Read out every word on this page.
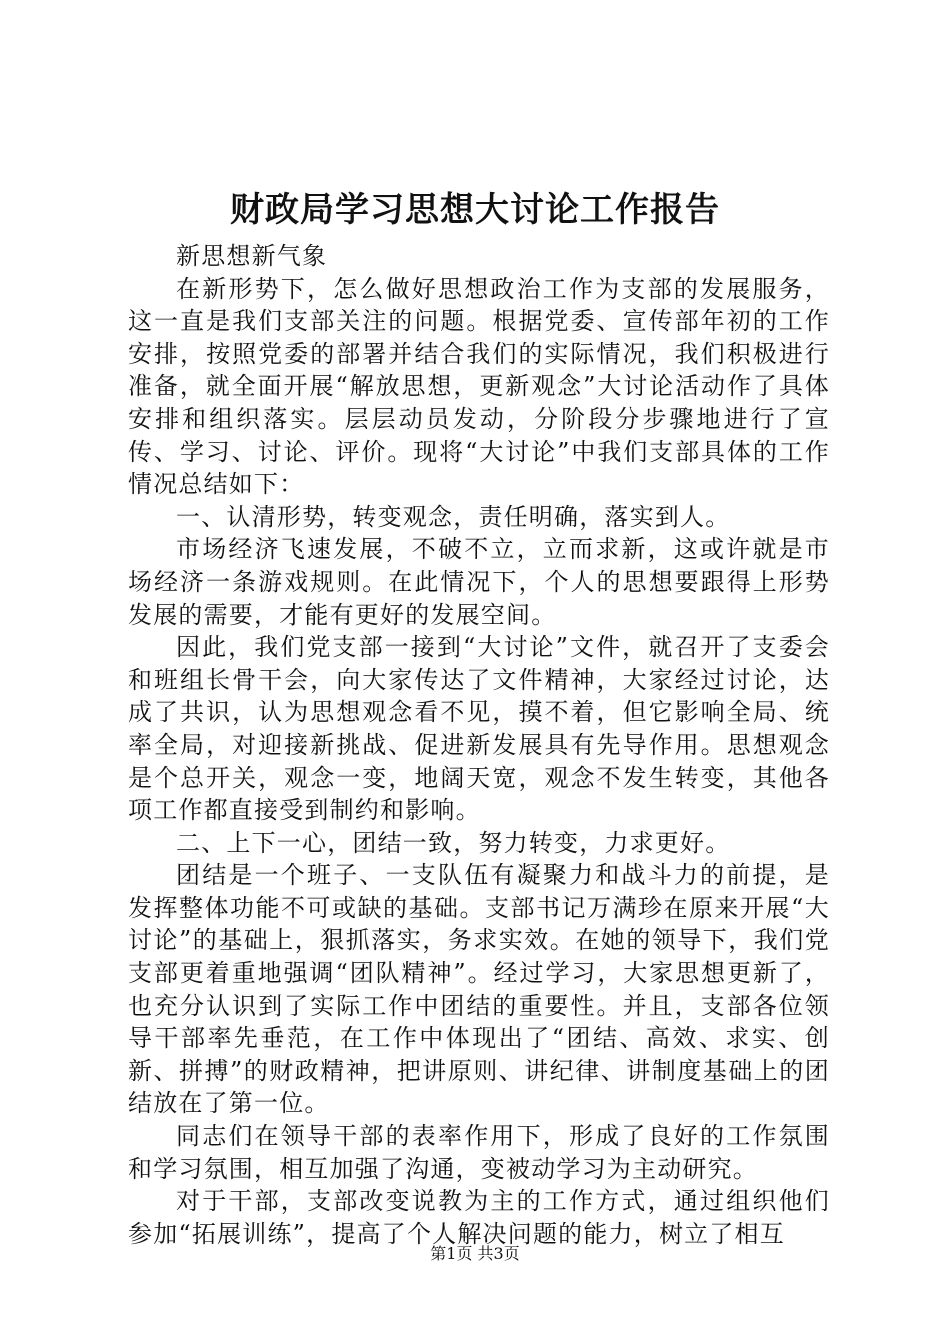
财政局学习思想大讨论工作报告

新思想新气象

在新形势下，怎么做好思想政治工作为支部的发展服务，这一直是我们支部关注的问题。根据党委、宣传部年初的工作安排，按照党委的部署并结合我们的实际情况，我们积极进行准备，就全面开展“解放思想，更新观念”大讨论活动作了具体安排和组织落实。层层动员发动，分阶段分步骤地进行了宣传、学习、讨论、评价。现将“大讨论”中我们支部具体的工作情况总结如下：

一、认清形势，转变观念，责任明确，落实到人。

市场经济飞速发展，不破不立，立而求新，这或许就是市场经济一条游戏规则。在此情况下，个人的思想要跟得上形势发展的需要，才能有更好的发展空间。

因此，我们党支部一接到“大讨论”文件，就召开了支委会和班组长骨干会，向大家传达了文件精神，大家经过讨论，达成了共识，认为思想观念看不见，摸不着，但它影响全局、统率全局，对迎接新挑战、促进新发展具有先导作用。思想观念是个总开关，观念一变，地阔天宽，观念不发生转变，其他各项工作都直接受到制约和影响。

二、上下一心，团结一致，努力转变，力求更好。

团结是一个班子、一支队伍有凝聚力和战斗力的前提，是发挥整体功能不可或缺的基础。支部书记万满珍在原来开展“大讨论”的基础上，狠抓落实，务求实效。在她的领导下，我们党支部更着重地强调“团队精神”。经过学习，大家思想更新了，也充分认识到了实际工作中团结的重要性。并且，支部各位领导干部率先垂范，在工作中体现出了“团结、高效、求实、创新、拼搏”的财政精神，把讲原则、讲纪律、讲制度基础上的团结放在了第一位。

同志们在领导干部的表率作用下，形成了良好的工作氛围和学习氛围，相互加强了沟通，变被动学习为主动研究。

对于干部，支部改变说教为主的工作方式，通过组织他们参加“拓展训练”，提高了个人解决问题的能力，树立了相互

第1页 共3页
